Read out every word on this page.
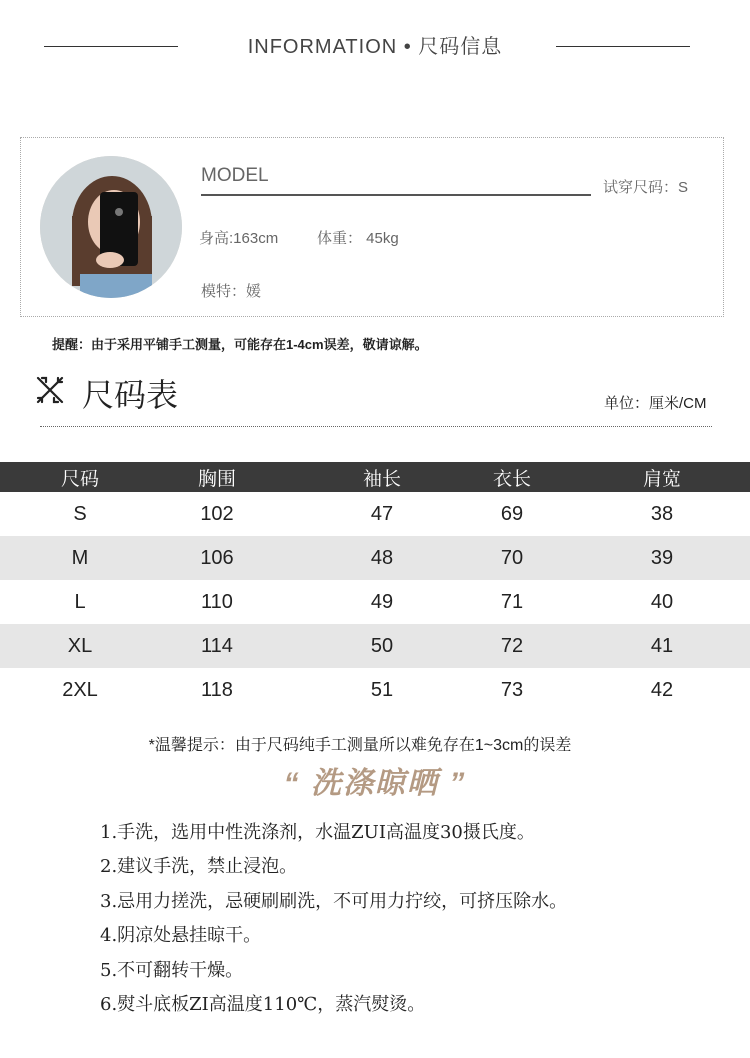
INFORMATION • 尺码信息
MODEL
试穿尺码：S
身高:163cm	体重： 45kg
模特：媛
提醒：由于采用平铺手工测量，可能存在1-4cm误差，敬请谅解。
尺码表	单位：厘米/CM
尺码	胸围	袖长	衣长	肩宽
S	102	47	69	38
M	106	48	70	39
L	110	49	71	40
XL	114	50	72	41
2XL	118	51	73	42
*温馨提示：由于尺码纯手工测量所以难免存在1~3cm的误差
“ 洗涤晾晒 ”
1.手洗，选用中性洗涤剂，水温ZUI高温度30摄氏度。
2.建议手洗，禁止浸泡。
3.忌用力搓洗，忌硬刷刷洗，不可用力拧绞，可挤压除水。
4.阴凉处悬挂晾干。
5.不可翻转干燥。
6.熨斗底板ZI高温度110℃，蒸汽熨烫。
